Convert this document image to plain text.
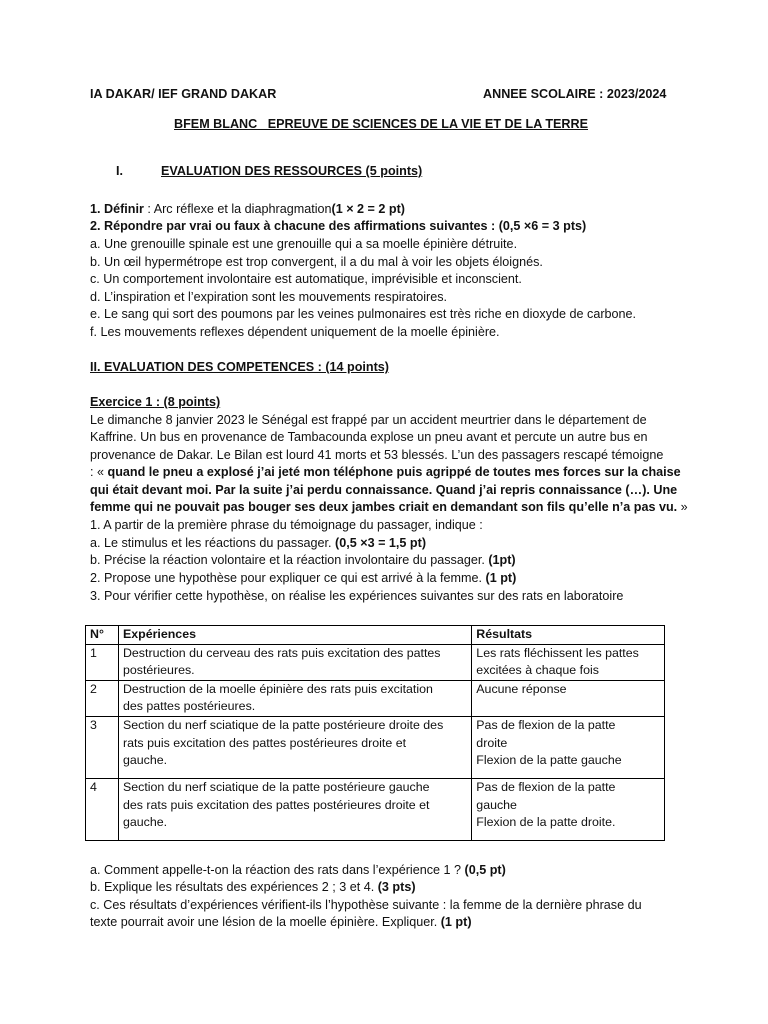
IA DAKAR/ IEF GRAND DAKAR	ANNEE SCOLAIRE : 2023/2024
BFEM BLANC   EPREUVE DE SCIENCES DE LA VIE ET DE LA TERRE
I.	EVALUATION DES RESSOURCES (5 points)
1. Définir : Arc réflexe et la diaphragmation(1 × 2 = 2 pt)
2. Répondre par vrai ou faux à chacune des affirmations suivantes : (0,5 ×6 = 3 pts)
a. Une grenouille spinale est une grenouille qui a sa moelle épinière détruite.
b. Un œil hypermétrope est trop convergent, il a du mal à voir les objets éloignés.
c. Un comportement involontaire est automatique, imprévisible et inconscient.
d. L’inspiration et l’expiration sont les mouvements respiratoires.
e. Le sang qui sort des poumons par les veines pulmonaires est très riche en dioxyde de carbone.
f. Les mouvements reflexes dépendent uniquement de la moelle épinière.
II. EVALUATION DES COMPETENCES : (14 points)
Exercice 1 : (8 points)
Le dimanche 8 janvier 2023 le Sénégal est frappé par un accident meurtrier dans le département de
Kaffrine. Un bus en provenance de Tambacounda explose un pneu avant et percute un autre bus en
provenance de Dakar. Le Bilan est lourd 41 morts et 53 blessés. L’un des passagers rescapé témoigne
: « quand le pneu a explosé j’ai jeté mon téléphone puis agrippé de toutes mes forces sur la chaise
qui était devant moi. Par la suite j’ai perdu connaissance. Quand j’ai repris connaissance (…). Une
femme qui ne pouvait pas bouger ses deux jambes criait en demandant son fils qu’elle n’a pas vu. »
1. A partir de la première phrase du témoignage du passager, indique :
a. Le stimulus et les réactions du passager. (0,5 ×3 = 1,5 pt)
b. Précise la réaction volontaire et la réaction involontaire du passager. (1pt)
2. Propose une hypothèse pour expliquer ce qui est arrivé à la femme. (1 pt)
3. Pour vérifier cette hypothèse, on réalise les expériences suivantes sur des rats en laboratoire
N°	Expériences	Résultats
1	Destruction du cerveau des rats puis excitation des pattes
postérieures.	Les rats fléchissent les pattes
excitées à chaque fois
2	Destruction de la moelle épinière des rats puis excitation
des pattes postérieures.	Aucune réponse
3	Section du nerf sciatique de la patte postérieure droite des
rats puis excitation des pattes postérieures droite et
gauche.	Pas de flexion de la patte
droite
Flexion de la patte gauche
4	Section du nerf sciatique de la patte postérieure gauche
des rats puis excitation des pattes postérieures droite et
gauche.	Pas de flexion de la patte
gauche
Flexion de la patte droite.
a. Comment appelle-t-on la réaction des rats dans l’expérience 1 ? (0,5 pt)
b. Explique les résultats des expériences 2 ; 3 et 4. (3 pts)
c. Ces résultats d’expériences vérifient-ils l’hypothèse suivante : la femme de la dernière phrase du
texte pourrait avoir une lésion de la moelle épinière. Expliquer. (1 pt)
